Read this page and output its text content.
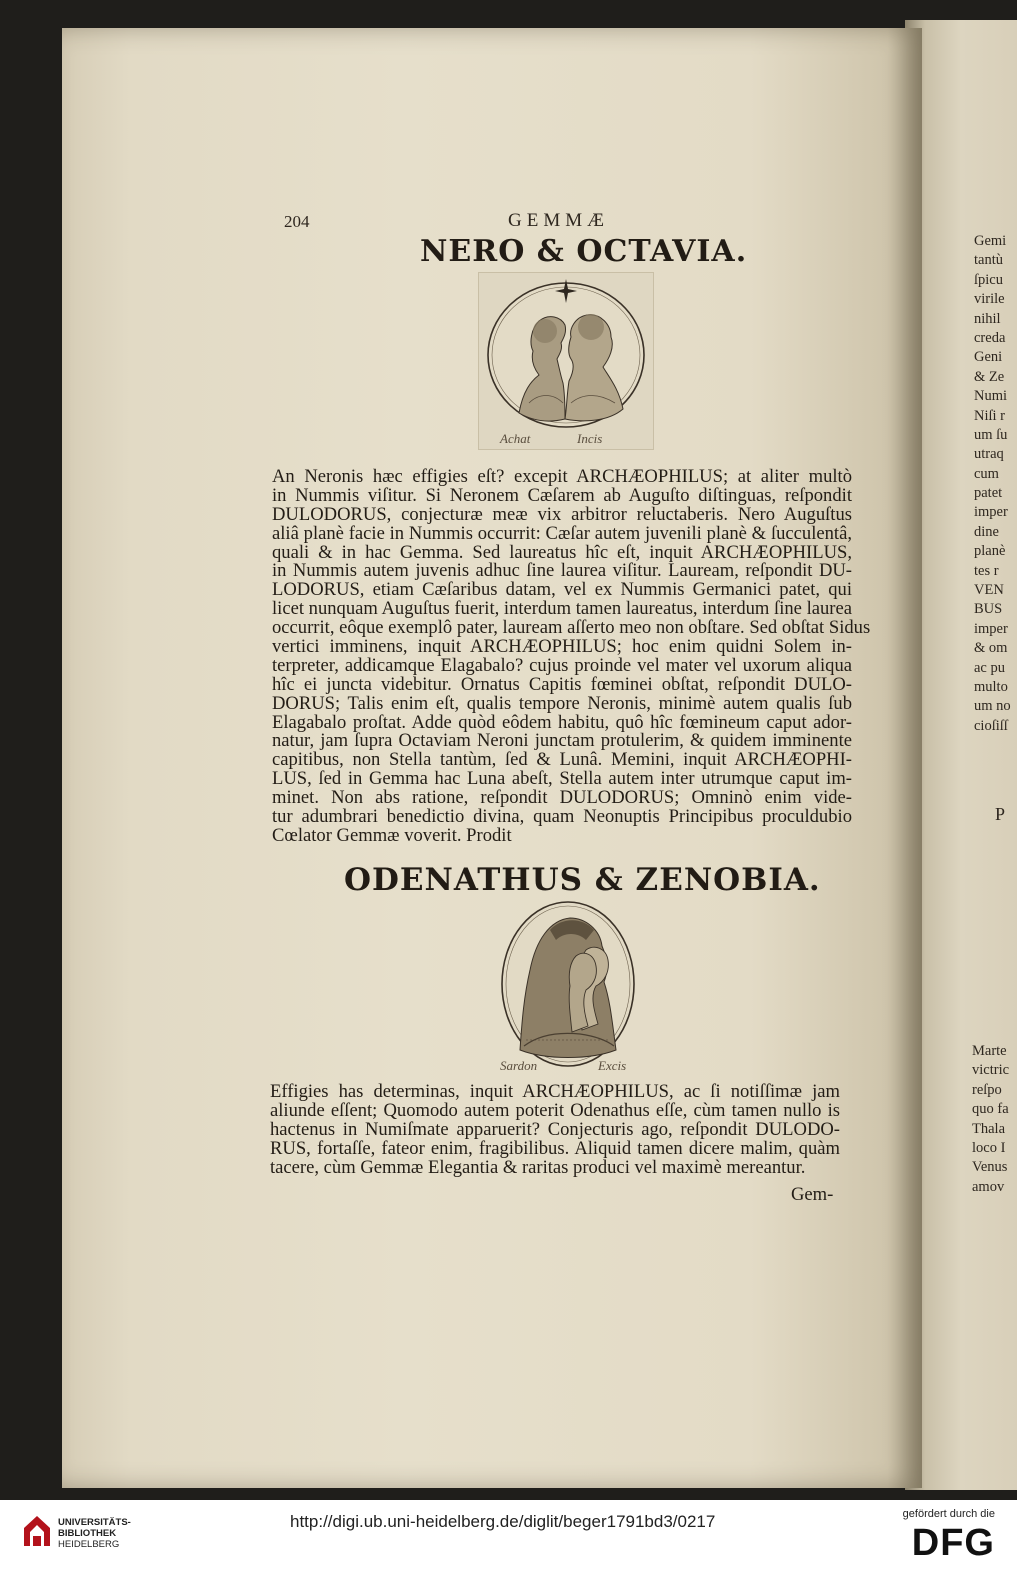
Gemi
tantù
ſpicu
virile
nihil
creda
Geni
& Ze
Numi
Niſi r
um ſu
utraq
cum
patet
imper
dine
planè
tes r
VEN
BUS
imper
& om
ac pu
multo
um no
cioſiſſ
P
Marte
victric
reſpo
quo fa
Thala
loco I
Venus
amov
204	GEMMÆ
NERO & OCTAVIA.
Achat	Incis
An Neronis hæc effigies eſt? excepit ARCHÆOPHILUS; at aliter multò
in Nummis viſitur. Si Neronem Cæſarem ab Auguſto diſtinguas, reſpondit
DULODORUS, conjecturæ meæ vix arbitror reluctaberis. Nero Auguſtus
aliâ planè facie in Nummis occurrit: Cæſar autem juvenili planè & ſucculentâ,
quali & in hac Gemma. Sed laureatus hîc eſt, inquit ARCHÆOPHILUS,
in Nummis autem juvenis adhuc ſine laurea viſitur. Lauream, reſpondit DU-
LODORUS, etiam Cæſaribus datam, vel ex Nummis Germanici patet, qui
licet nunquam Auguſtus fuerit, interdum tamen laureatus, interdum ſine laurea
occurrit, eôque exemplô pater, lauream aſſerto meo non obſtare. Sed obſtat Sidus
vertici imminens, inquit ARCHÆOPHILUS; hoc enim quidni Solem in-
terpreter, addicamque Elagabalo? cujus proinde vel mater vel uxorum aliqua
hîc ei juncta videbitur. Ornatus Capitis fœminei obſtat, reſpondit DULO-
DORUS; Talis enim eſt, qualis tempore Neronis, minimè autem qualis ſub
Elagabalo proſtat. Adde quòd eôdem habitu, quô hîc fœmineum caput ador-
natur, jam ſupra Octaviam Neroni junctam protulerim, & quidem imminente
capitibus, non Stella tantùm, ſed & Lunâ. Memini, inquit ARCHÆOPHI-
LUS, ſed in Gemma hac Luna abeſt, Stella autem inter utrumque caput im-
minet. Non abs ratione, reſpondit DULODORUS; Omninò enim vide-
tur adumbrari benedictio divina, quam Neonuptis Principibus proculdubio
Cœlator Gemmæ voverit. Prodit
ODENATHUS & ZENOBIA.
Sardon	Excis
Effigies has determinas, inquit ARCHÆOPHILUS, ac ſi notiſſimæ jam
aliunde eſſent; Quomodo autem poterit Odenathus eſſe, cùm tamen nullo is
hactenus in Numiſmate apparuerit? Conjecturis ago, reſpondit DULODO-
RUS, fortaſſe, fateor enim, fragibilibus. Aliquid tamen dicere malim, quàm
tacere, cùm Gemmæ Elegantia & raritas produci vel maximè mereantur.
Gem-
UNIVERSITÄTS-
BIBLIOTHEK
HEIDELBERG
http://digi.ub.uni-heidelberg.de/diglit/beger1791bd3/0217	gefördert durch die
DFG
